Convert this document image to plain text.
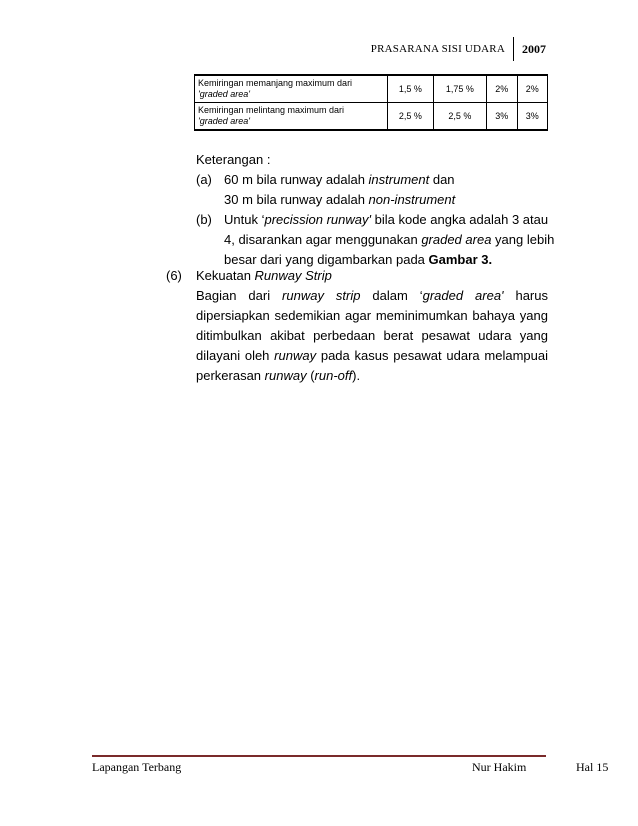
PRASARANA SISI UDARA	2007
Kemiringan memanjang maximum dari
'graded area'	1,5 %	1,75 %	2%	2%
Kemiringan melintang maximum dari
'graded area'	2,5 %	2,5 %	3%	3%
Keterangan :
(a) 60 m bila runway adalah instrument dan
30 m bila runway adalah non-instrument
(b) Untuk ‘precission runway' bila kode angka adalah 3 atau
4, disarankan agar menggunakan graded area yang lebih
besar dari yang digambarkan pada Gambar 3.
(6) Kekuatan Runway Strip
Bagian dari runway strip dalam ‘graded area' harus
dipersiapkan sedemikian agar meminimumkan bahaya yang
ditimbulkan akibat perbedaan berat pesawat udara yang
dilayani oleh runway pada kasus pesawat udara melampuai
perkerasan runway (run-off).
Lapangan Terbang	Nur Hakim	Hal 15
